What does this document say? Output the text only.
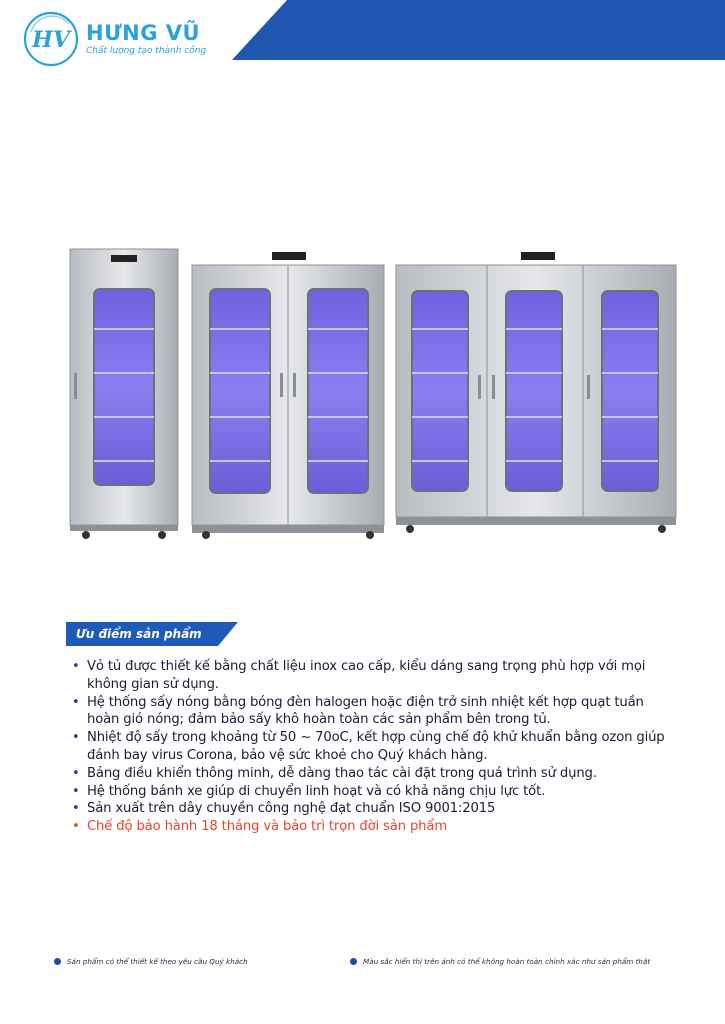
HV HƯNG VŨ
Chất lượng tạo thành công
Ưu điểm sản phẩm
• Vỏ tủ được thiết kế bằng chất liệu inox cao cấp, kiểu dáng sang trọng phù hợp với mọi không gian sử dụng.
• Hệ thống sấy nóng bằng bóng đèn halogen hoặc điện trở sinh nhiệt kết hợp quạt tuần hoàn gió nóng; đảm bảo sấy khô hoàn toàn các sản phẩm bên trong tủ.
• Nhiệt độ sấy trong khoảng từ 50 ~ 70oC, kết hợp cùng chế độ khử khuẩn bằng ozon giúp đánh bay virus Corona, bảo vệ sức khoẻ cho Quý khách hàng.
• Bảng điều khiển thông minh, dễ dàng thao tác cài đặt trong quá trình sử dụng.
• Hệ thống bánh xe giúp di chuyển linh hoạt và có khả năng chịu lực tốt.
• Sản xuất trên dây chuyền công nghệ đạt chuẩn ISO 9001:2015
• Chế độ bảo hành 18 tháng và bảo trì trọn đời sản phẩm
Sản phẩm có thể thiết kế theo yêu cầu Quý khách	Màu sắc hiển thị trên ảnh có thể không hoàn toàn chính xác như sản phẩm thật
